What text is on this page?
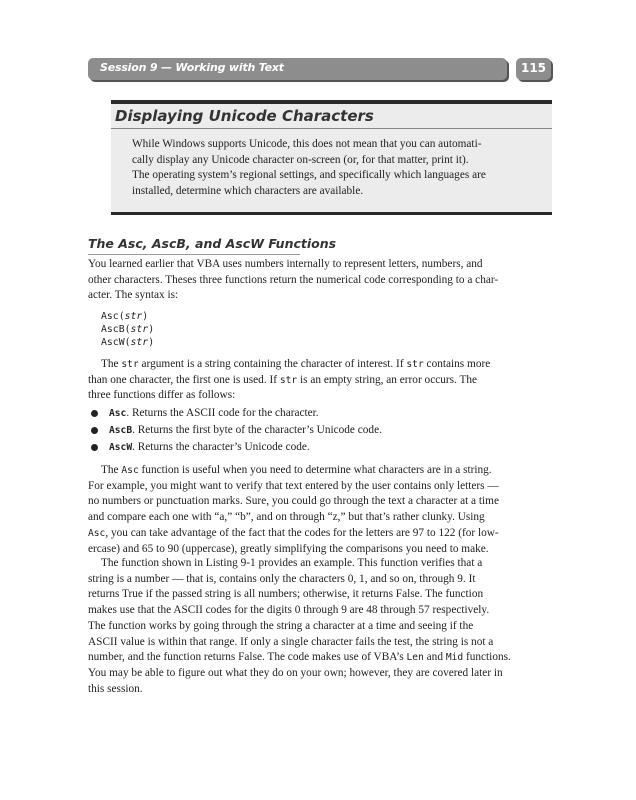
Session 9 — Working with Text	115
Displaying Unicode Characters
While Windows supports Unicode, this does not mean that you can automati-
cally display any Unicode character on-screen (or, for that matter, print it).
The operating system’s regional settings, and specifically which languages are
installed, determine which characters are available.
The Asc, AscB, and AscW Functions
You learned earlier that VBA uses numbers internally to represent letters, numbers, and
other characters. Theses three functions return the numerical code corresponding to a char-
acter. The syntax is:
Asc(str)
AscB(str)
AscW(str)
The str argument is a string containing the character of interest. If str contains more
than one character, the first one is used. If str is an empty string, an error occurs. The
three functions differ as follows:
Asc. Returns the ASCII code for the character.
AscB. Returns the first byte of the character’s Unicode code.
AscW. Returns the character’s Unicode code.
The Asc function is useful when you need to determine what characters are in a string.
For example, you might want to verify that text entered by the user contains only letters —
no numbers or punctuation marks. Sure, you could go through the text a character at a time
and compare each one with “a,” “b”, and on through “z,” but that’s rather clunky. Using
Asc, you can take advantage of the fact that the codes for the letters are 97 to 122 (for low-
ercase) and 65 to 90 (uppercase), greatly simplifying the comparisons you need to make.
The function shown in Listing 9-1 provides an example. This function verifies that a
string is a number — that is, contains only the characters 0, 1, and so on, through 9. It
returns True if the passed string is all numbers; otherwise, it returns False. The function
makes use that the ASCII codes for the digits 0 through 9 are 48 through 57 respectively.
The function works by going through the string a character at a time and seeing if the
ASCII value is within that range. If only a single character fails the test, the string is not a
number, and the function returns False. The code makes use of VBA’s Len and Mid functions.
You may be able to figure out what they do on your own; however, they are covered later in
this session.
